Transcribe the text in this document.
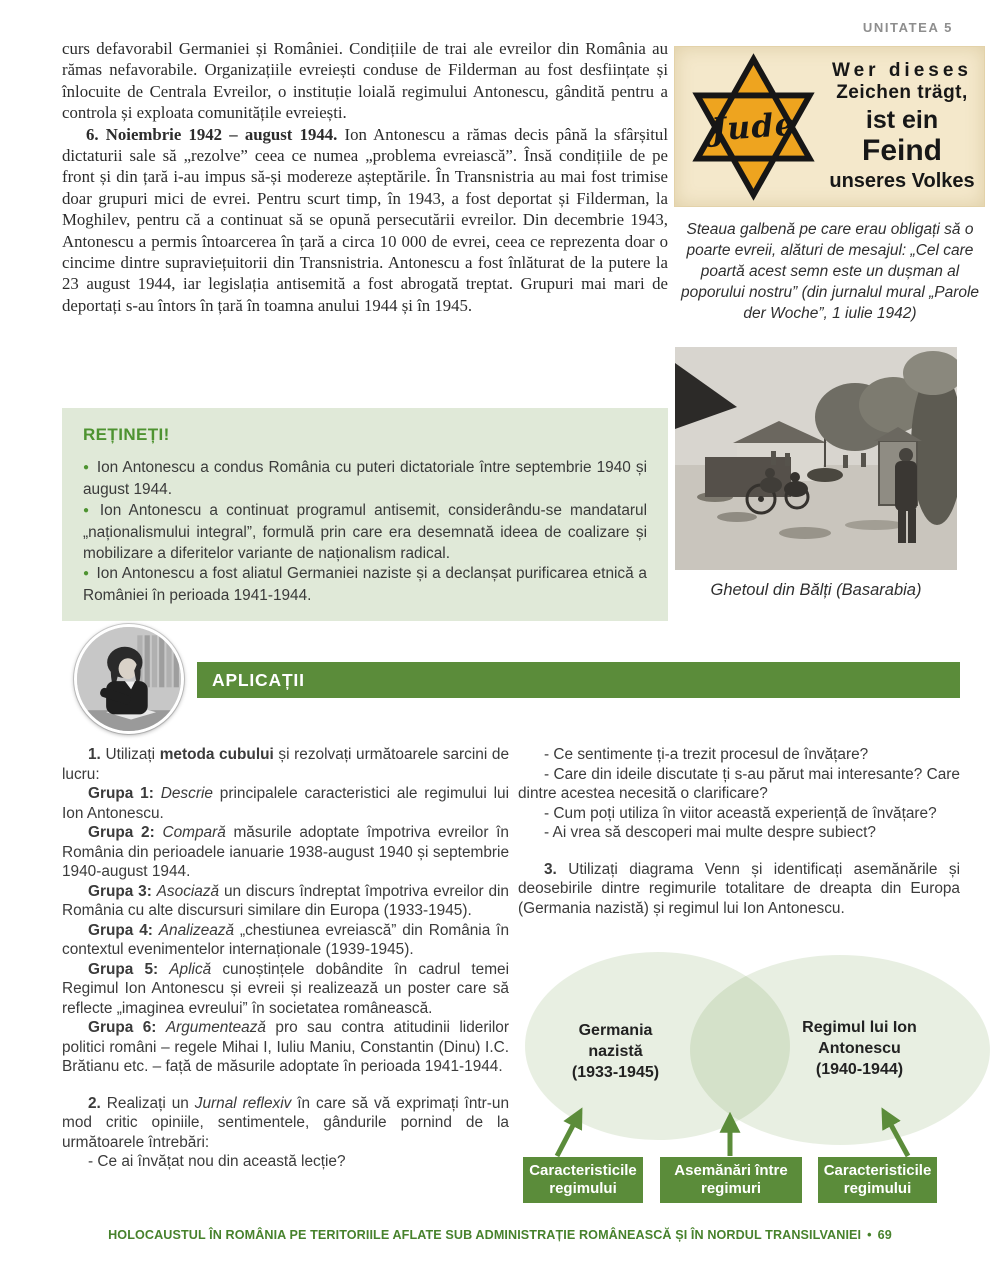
UNITATEA 5

curs defavorabil Germaniei și României. Condițiile de trai ale evreilor din România au rămas nefavorabile. Organizațiile evreiești conduse de Filderman au fost desființate și înlocuite de Centrala Evreilor, o instituție loială regimului Antonescu, gândită pentru a controla și exploata comunitățile evreiești.

6. Noiembrie 1942 – august 1944. Ion Antonescu a rămas decis până la sfârșitul dictaturii sale să „rezolve” ceea ce numea „problema evreiască”. Însă condițiile de pe front și din țară i-au impus să-și modereze așteptările. În Transnistria au mai fost trimise doar grupuri mici de evrei. Pentru scurt timp, în 1943, a fost deportat și Filderman, la Moghilev, pentru că a continuat să se opună persecutării evreilor. Din decembrie 1943, Antonescu a permis întoarcerea în țară a circa 10 000 de evrei, ceea ce reprezenta doar o cincime dintre supraviețuitorii din Transnistria. Antonescu a fost înlăturat de la putere la 23 august 1944, iar legislația antisemită a fost abrogată treptat. Grupuri mai mari de deportați s-au întors în țară în toamna anului 1944 și în 1945.

Jude
Wer dieses
Zeichen trägt,
ist ein
Feind
unseres Volkes
Steaua galbenă pe care erau obligați să o poarte evreii, alături de mesajul: „Cel care poartă acest semn este un dușman al poporului nostru” (din jurnalul mural „Parole der Woche”, 1 iulie 1942)
Ghetoul din Bălți (Basarabia)

REȚINEȚI!

● Ion Antonescu a condus România cu puteri dictatoriale între septembrie 1940 și august 1944.

● Ion Antonescu a continuat programul antisemit, considerându-se mandatarul „naționalismului integral”, formulă prin care era desemnată ideea de coalizare și mobilizare a diferitelor variante de naționalism radical.

● Ion Antonescu a fost aliatul Germaniei naziste și a declanșat purificarea etnică a României în perioada 1941-1944.

APLICAȚII

1. Utilizați metoda cubului și rezolvați următoarele sarcini de lucru:

Grupa 1: Descrie principalele caracteristici ale regimului lui Ion Antonescu.

Grupa 2: Compară măsurile adoptate împotriva evreilor în România din perioadele ianuarie 1938-august 1940 și septembrie 1940-august 1944.

Grupa 3: Asociază un discurs îndreptat împotriva evreilor din România cu alte discursuri similare din Europa (1933-1945).

Grupa 4: Analizează „chestiunea evreiască” din România în contextul evenimentelor internaționale (1939-1945).

Grupa 5: Aplică cunoștințele dobândite în cadrul temei Regimul Ion Antonescu și evreii și realizează un poster care să reflecte „imaginea evreului” în societatea românească.

Grupa 6: Argumentează pro sau contra atitudinii liderilor politici români – regele Mihai I, Iuliu Maniu, Constantin (Dinu) I.C. Brătianu etc. – față de măsurile adoptate în perioada 1941-1944.

2. Realizați un Jurnal reflexiv în care să vă exprimați într-un mod critic opiniile, sentimentele, gândurile pornind de la următoarele întrebări:

- Ce ai învățat nou din această lecție?

- Ce sentimente ți-a trezit procesul de învățare?

- Care din ideile discutate ți s-au părut mai interesante? Care dintre acestea necesită o clarificare?

- Cum poți utiliza în viitor această experiență de învățare?

- Ai vrea să descoperi mai multe despre subiect?

3. Utilizați diagrama Venn și identificați asemănările și deosebirile dintre regimurile totalitare de dreapta din Europa (Germania nazistă) și regimul lui Ion Antonescu.

Germania
nazistă
(1933-1945)
Regimul lui Ion
Antonescu
(1940-1944)
Caracteristicile regimului
Asemănări între regimuri
Caracteristicile regimului
HOLOCAUSTUL ÎN ROMÂNIA PE TERITORIILE AFLATE SUB ADMINISTRAȚIE ROMÂNEASCĂ ȘI ÎN NORDUL TRANSILVANIEI • 69
